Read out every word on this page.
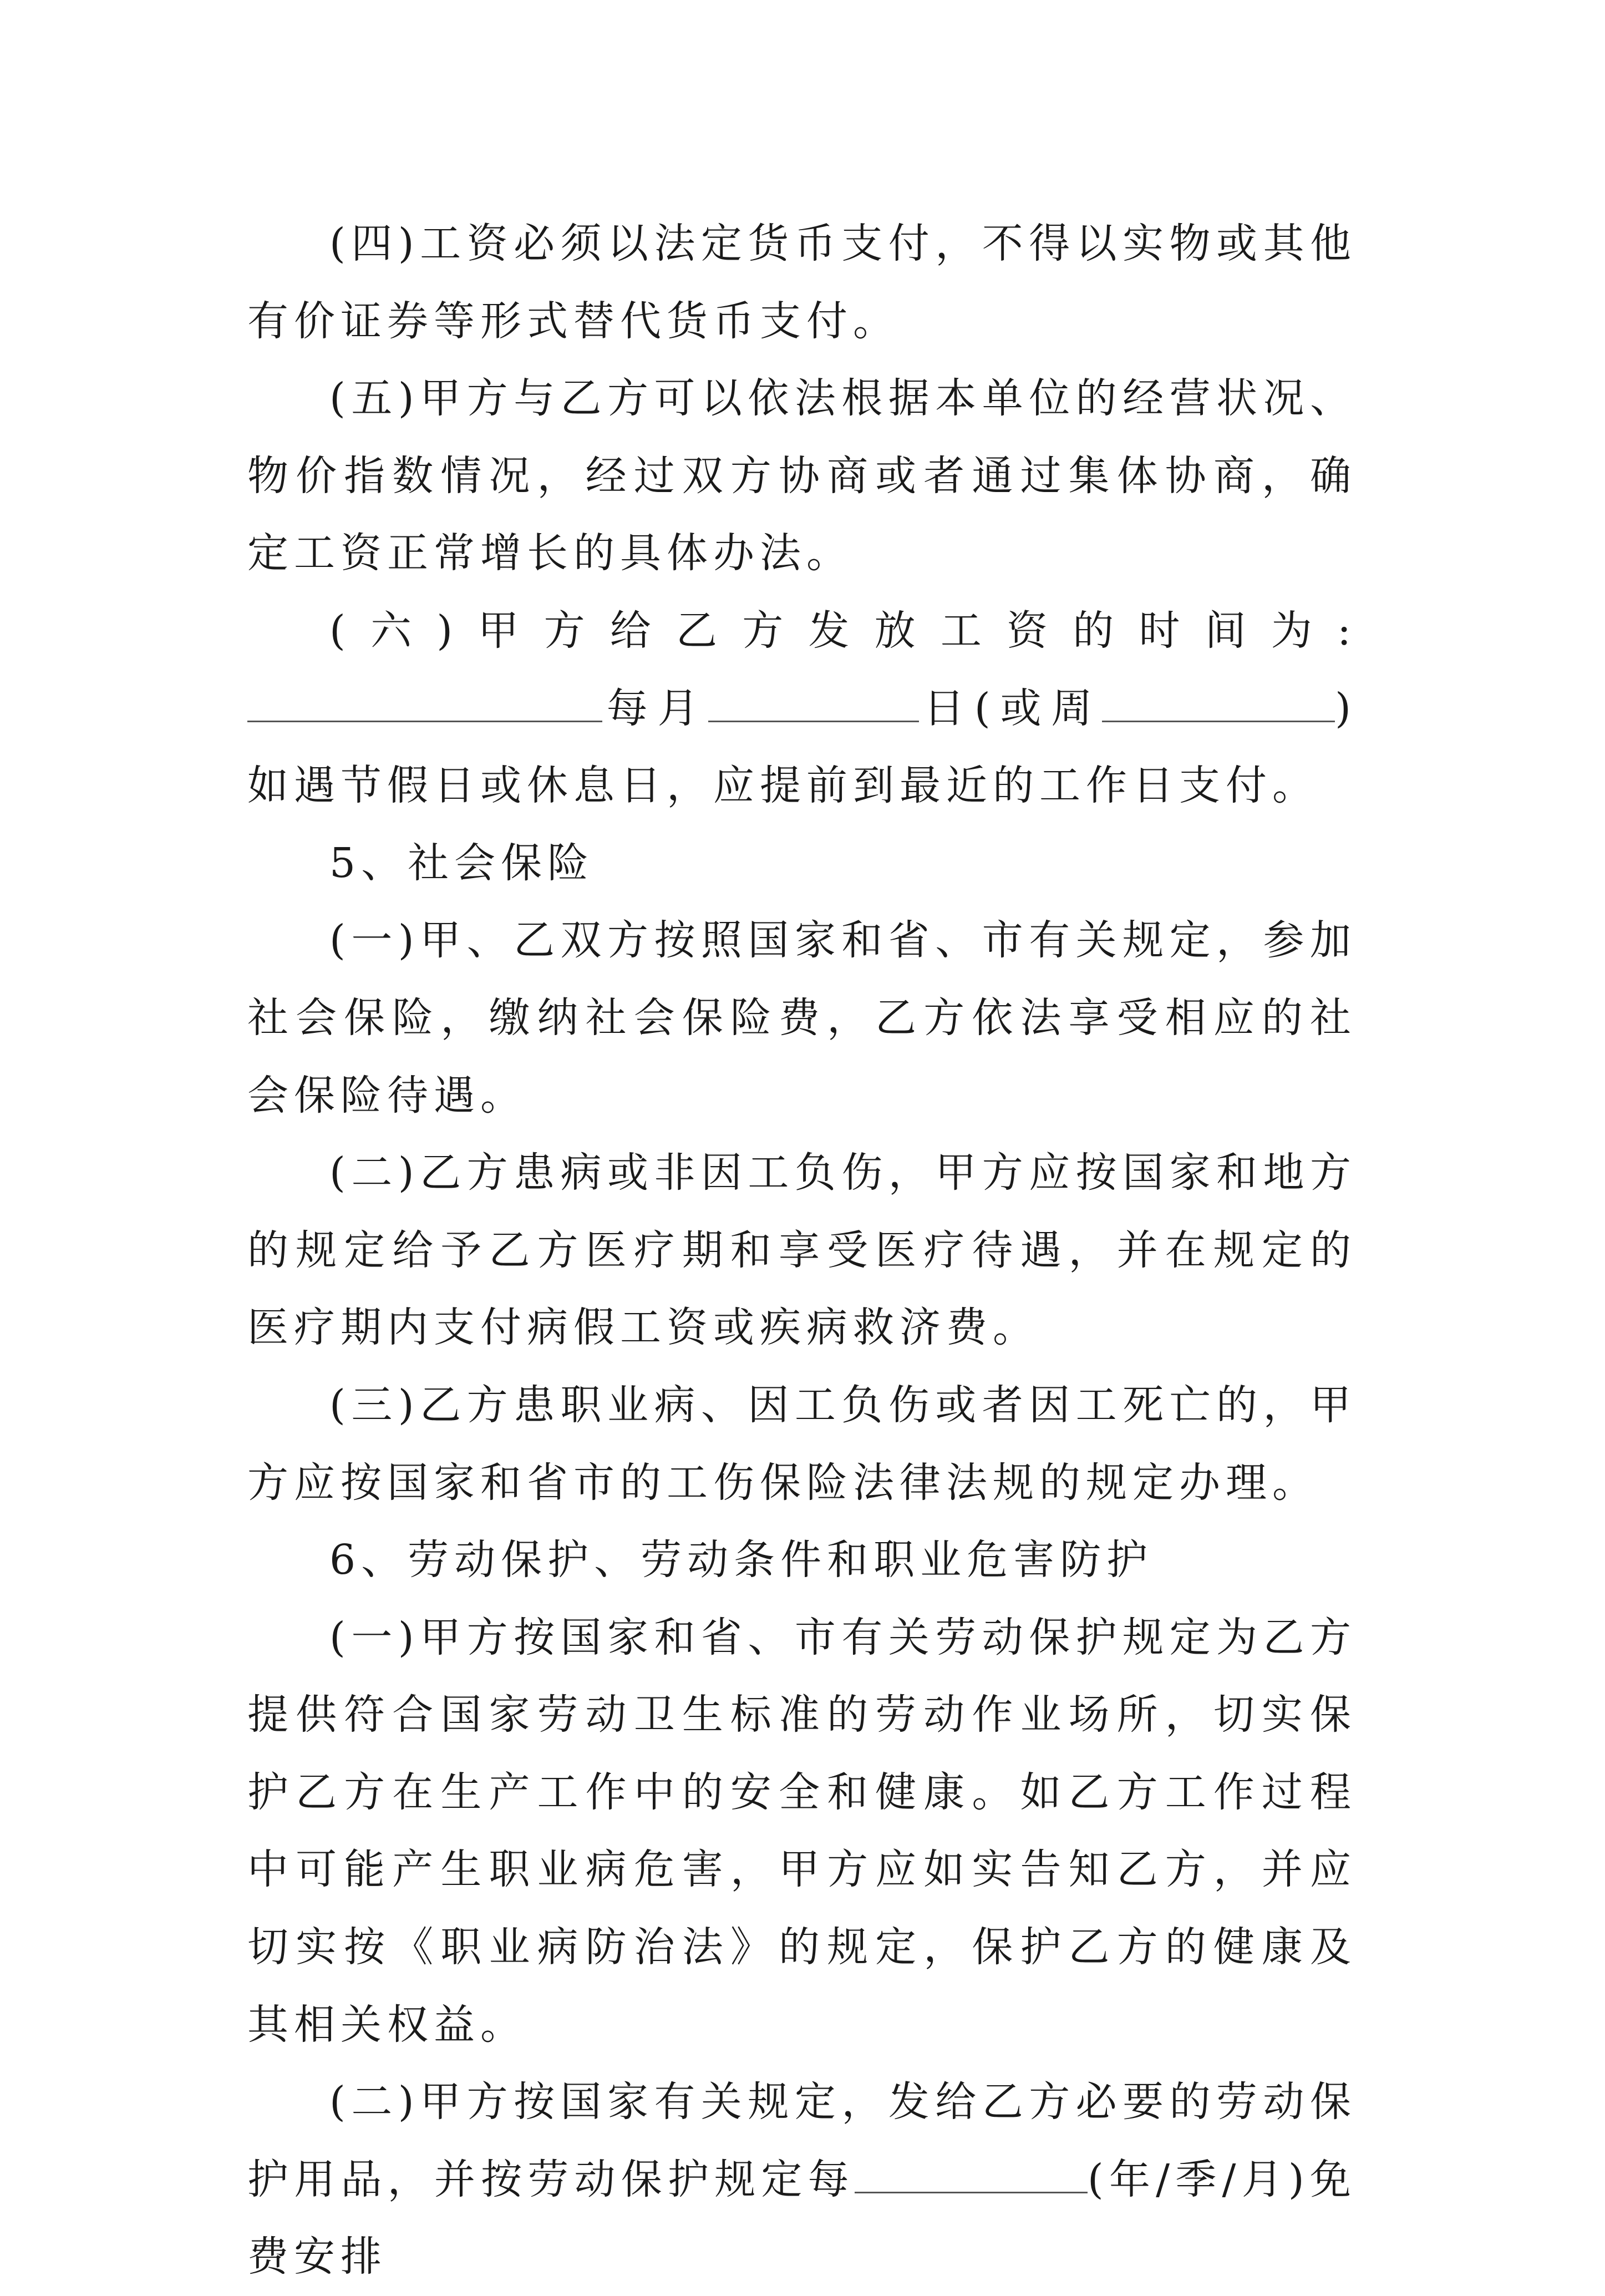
(四)工资必须以法定货币支付，不得以实物或其他有价证券等形式替代货币支付。

(五)甲方与乙方可以依法根据本单位的经营状况、物价指数情况，经过双方协商或者通过集体协商，确定工资正常增长的具体办法。

(六)甲方给乙方发放工资的时间为:每月	日(或周	)如遇节假日或休息日，应提前到最近的工作日支付。

5、社会保险

(一)甲、乙双方按照国家和省、市有关规定，参加社会保险，缴纳社会保险费，乙方依法享受相应的社会保险待遇。

(二)乙方患病或非因工负伤，甲方应按国家和地方的规定给予乙方医疗期和享受医疗待遇，并在规定的医疗期内支付病假工资或疾病救济费。

(三)乙方患职业病、因工负伤或者因工死亡的，甲方应按国家和省市的工伤保险法律法规的规定办理。

6、劳动保护、劳动条件和职业危害防护

(一)甲方按国家和省、市有关劳动保护规定为乙方提供符合国家劳动卫生标准的劳动作业场所，切实保护乙方在生产工作中的安全和健康。如乙方工作过程中可能产生职业病危害，甲方应如实告知乙方，并应切实按《职业病防治法》的规定，保护乙方的健康及其相关权益。

(二)甲方按国家有关规定，发给乙方必要的劳动保护用品，并按劳动保护规定每	(年/季/月)免费安排
